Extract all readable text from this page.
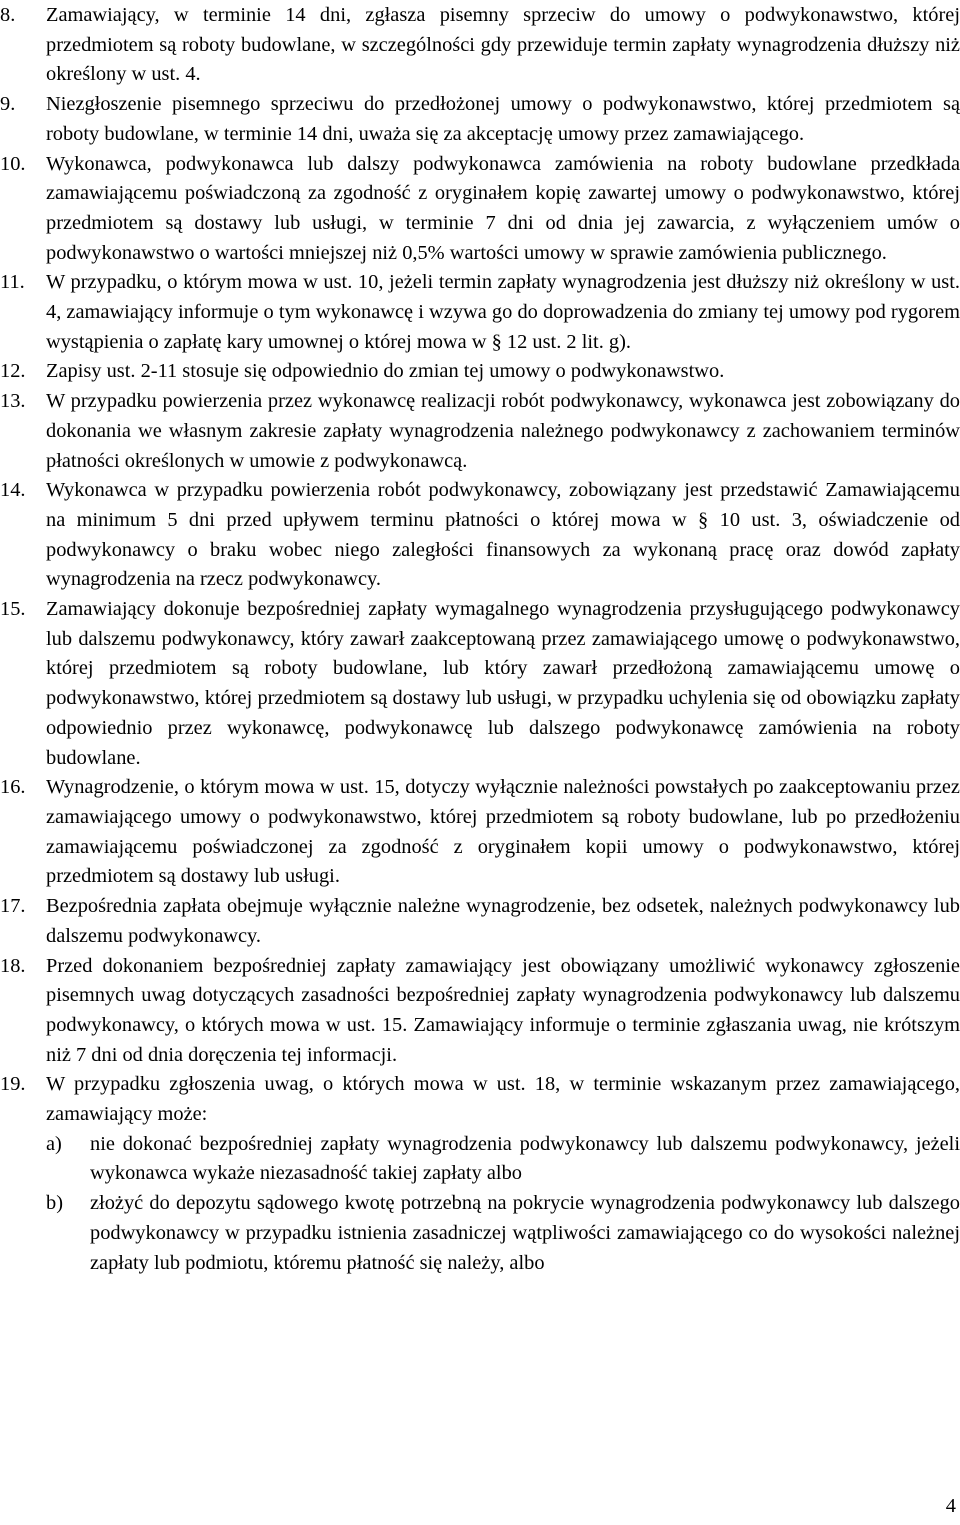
8. Zamawiający, w terminie 14 dni, zgłasza pisemny sprzeciw do umowy o podwykonawstwo, której przedmiotem są roboty budowlane, w szczególności gdy przewiduje termin zapłaty wynagrodzenia dłuższy niż określony w ust. 4.
9. Niezgłoszenie pisemnego sprzeciwu do przedłożonej umowy o podwykonawstwo, której przedmiotem są roboty budowlane, w terminie 14 dni, uważa się za akceptację umowy przez zamawiającego.
10. Wykonawca, podwykonawca lub dalszy podwykonawca zamówienia na roboty budowlane przedkłada zamawiającemu poświadczoną za zgodność z oryginałem kopię zawartej umowy o podwykonawstwo, której przedmiotem są dostawy lub usługi, w terminie 7 dni od dnia jej zawarcia, z wyłączeniem umów o podwykonawstwo o wartości mniejszej niż 0,5% wartości umowy w sprawie zamówienia publicznego.
11. W przypadku, o którym mowa w ust. 10, jeżeli termin zapłaty wynagrodzenia jest dłuższy niż określony w ust. 4, zamawiający informuje o tym wykonawcę i wzywa go do doprowadzenia do zmiany tej umowy pod rygorem wystąpienia o zapłatę kary umownej o której mowa w § 12 ust. 2 lit. g).
12. Zapisy ust. 2-11 stosuje się odpowiednio do zmian tej umowy o podwykonawstwo.
13. W przypadku powierzenia przez wykonawcę realizacji robót podwykonawcy, wykonawca jest zobowiązany do dokonania we własnym zakresie zapłaty wynagrodzenia należnego podwykonawcy z zachowaniem terminów płatności określonych w umowie z podwykonawcą.
14. Wykonawca w przypadku powierzenia robót podwykonawcy, zobowiązany jest przedstawić Zamawiającemu na minimum 5 dni przed upływem terminu płatności o której mowa w § 10 ust. 3, oświadczenie od podwykonawcy o braku wobec niego zaległości finansowych za wykonaną pracę oraz dowód zapłaty wynagrodzenia na rzecz podwykonawcy.
15. Zamawiający dokonuje bezpośredniej zapłaty wymagalnego wynagrodzenia przysługującego podwykonawcy lub dalszemu podwykonawcy, który zawarł zaakceptowaną przez zamawiającego umowę o podwykonawstwo, której przedmiotem są roboty budowlane, lub który zawarł przedłożoną zamawiającemu umowę o podwykonawstwo, której przedmiotem są dostawy lub usługi, w przypadku uchylenia się od obowiązku zapłaty odpowiednio przez wykonawcę, podwykonawcę lub dalszego podwykonawcę zamówienia na roboty budowlane.
16. Wynagrodzenie, o którym mowa w ust. 15, dotyczy wyłącznie należności powstałych po zaakceptowaniu przez zamawiającego umowy o podwykonawstwo, której przedmiotem są roboty budowlane, lub po przedłożeniu zamawiającemu poświadczonej za zgodność z oryginałem kopii umowy o podwykonawstwo, której przedmiotem są dostawy lub usługi.
17. Bezpośrednia zapłata obejmuje wyłącznie należne wynagrodzenie, bez odsetek, należnych podwykonawcy lub dalszemu podwykonawcy.
18. Przed dokonaniem bezpośredniej zapłaty zamawiający jest obowiązany umożliwić wykonawcy zgłoszenie pisemnych uwag dotyczących zasadności bezpośredniej zapłaty wynagrodzenia podwykonawcy lub dalszemu podwykonawcy, o których mowa w ust. 15. Zamawiający informuje o terminie zgłaszania uwag, nie krótszym niż 7 dni od dnia doręczenia tej informacji.
19. W przypadku zgłoszenia uwag, o których mowa w ust. 18, w terminie wskazanym przez zamawiającego, zamawiający może:
a) nie dokonać bezpośredniej zapłaty wynagrodzenia podwykonawcy lub dalszemu podwykonawcy, jeżeli wykonawca wykaże niezasadność takiej zapłaty albo
b) złożyć do depozytu sądowego kwotę potrzebną na pokrycie wynagrodzenia podwykonawcy lub dalszego podwykonawcy w przypadku istnienia zasadniczej wątpliwości zamawiającego co do wysokości należnej zapłaty lub podmiotu, któremu płatność się należy, albo
4
